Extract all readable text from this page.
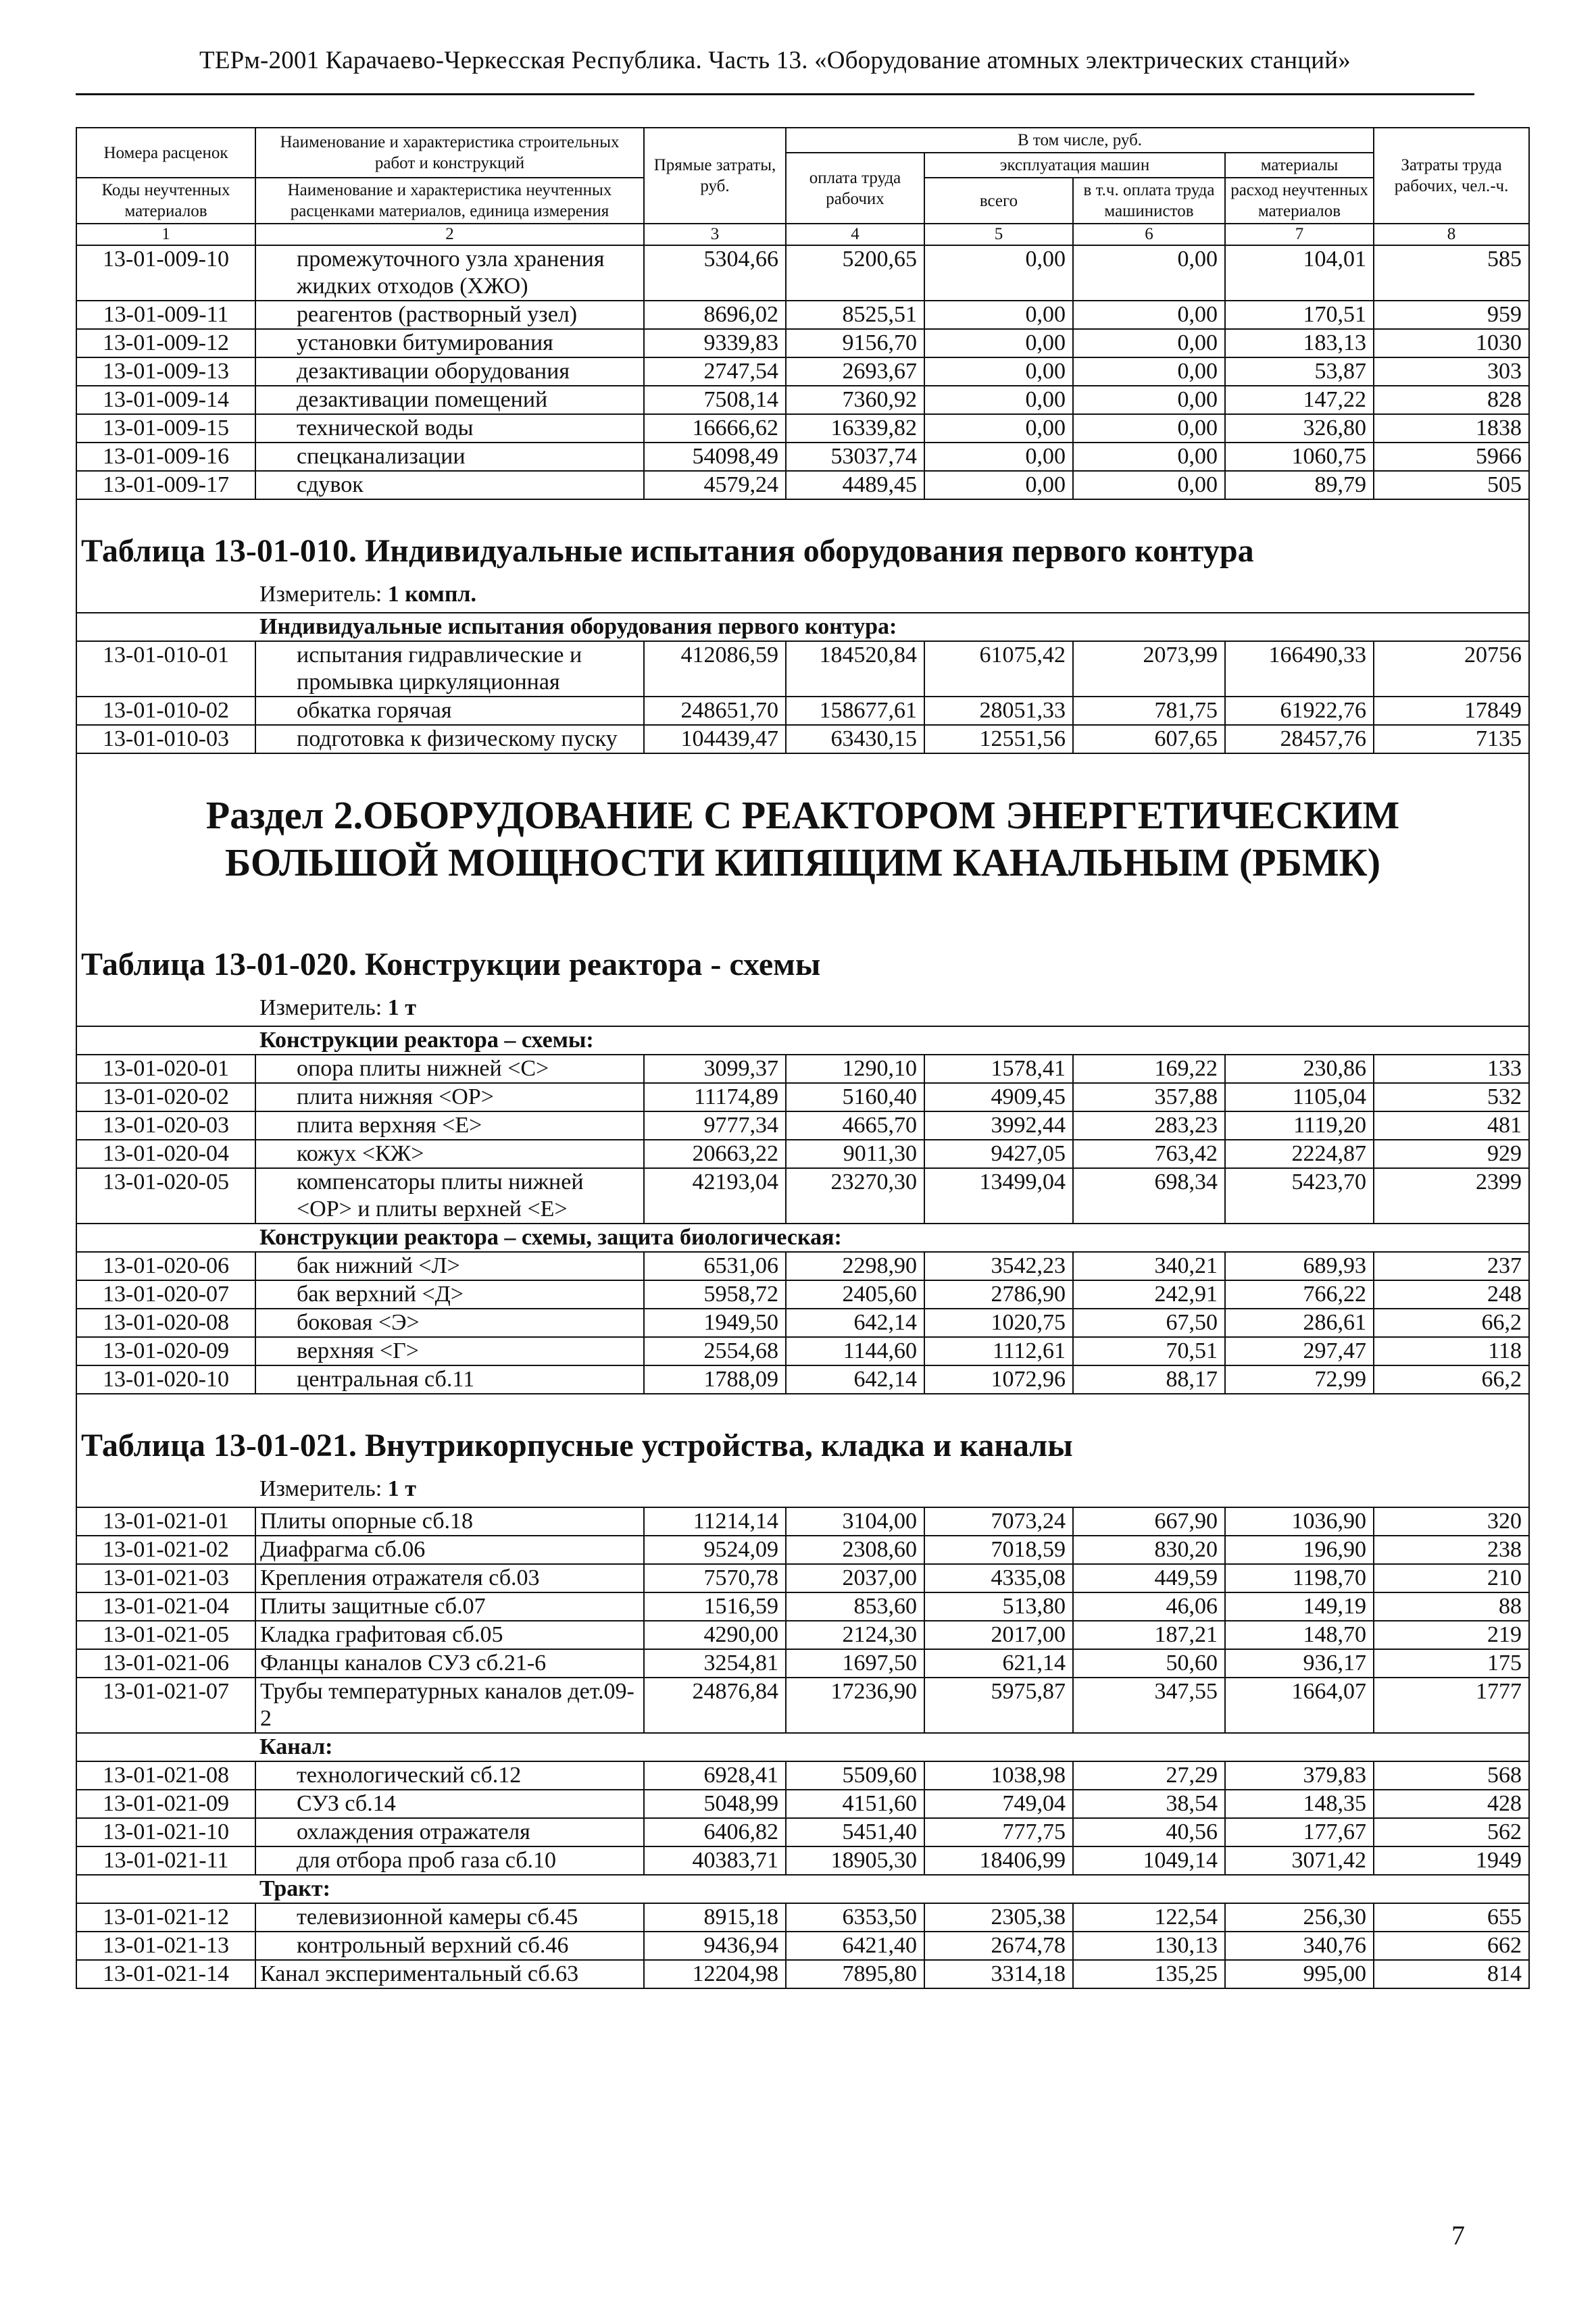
ТЕРм-2001 Карачаево-Черкесская Республика. Часть 13. «Оборудование атомных электрических станций»
Номера расценок	Наименование и характеристика строительных работ и конструкций	Прямые затраты, руб.	В том числе, руб.				Затраты труда рабочих, чел.-ч.
			оплата труда рабочих	эксплуатация машин		материалы	
Коды неучтенных материалов	Наименование и характеристика неучтенных расценками материалов, единица измерения			всего	в т.ч. оплата труда машинистов	расход неучтенных материалов	

1	2	3	4	5	6	7	8
13-01-009-10	промежуточного узла хранения жидких отходов (ХЖО)	5304,66	5200,65	0,00	0,00	104,01	585
13-01-009-11	реагентов (растворный узел)	8696,02	8525,51	0,00	0,00	170,51	959
13-01-009-12	установки битумирования	9339,83	9156,70	0,00	0,00	183,13	1030
13-01-009-13	дезактивации оборудования	2747,54	2693,67	0,00	0,00	53,87	303
13-01-009-14	дезактивации помещений	7508,14	7360,92	0,00	0,00	147,22	828
13-01-009-15	технической воды	16666,62	16339,82	0,00	0,00	326,80	1838
13-01-009-16	спецканализации	54098,49	53037,74	0,00	0,00	1060,75	5966
13-01-009-17	сдувок	4579,24	4489,45	0,00	0,00	89,79	505
Таблица 13-01-010. Индивидуальные испытания оборудования первого контура							
Измеритель: 1 компл.							
Индивидуальные испытания оборудования первого контура:							
13-01-010-01	испытания гидравлические и промывка циркуляционная	412086,59	184520,84	61075,42	2073,99	166490,33	20756
13-01-010-02	обкатка горячая	248651,70	158677,61	28051,33	781,75	61922,76	17849
13-01-010-03	подготовка к физическому пуску	104439,47	63430,15	12551,56	607,65	28457,76	7135
Раздел 2.ОБОРУДОВАНИЕ С РЕАКТОРОМ ЭНЕРГЕТИЧЕСКИМ БОЛЬШОЙ МОЩНОСТИ КИПЯЩИМ КАНАЛЬНЫМ (РБМК)							
Таблица 13-01-020. Конструкции реактора - схемы							
Измеритель: 1 т							
Конструкции реактора – схемы:							
13-01-020-01	опора плиты нижней <С>	3099,37	1290,10	1578,41	169,22	230,86	133
13-01-020-02	плита нижняя <ОР>	11174,89	5160,40	4909,45	357,88	1105,04	532
13-01-020-03	плита верхняя <Е>	9777,34	4665,70	3992,44	283,23	1119,20	481
13-01-020-04	кожух <КЖ>	20663,22	9011,30	9427,05	763,42	2224,87	929
13-01-020-05	компенсаторы плиты нижней <ОР> и плиты верхней <Е>	42193,04	23270,30	13499,04	698,34	5423,70	2399
Конструкции реактора – схемы, защита биологическая:							
13-01-020-06	бак нижний <Л>	6531,06	2298,90	3542,23	340,21	689,93	237
13-01-020-07	бак верхний <Д>	5958,72	2405,60	2786,90	242,91	766,22	248
13-01-020-08	боковая <Э>	1949,50	642,14	1020,75	67,50	286,61	66,2
13-01-020-09	верхняя <Г>	2554,68	1144,60	1112,61	70,51	297,47	118
13-01-020-10	центральная сб.11	1788,09	642,14	1072,96	88,17	72,99	66,2
Таблица 13-01-021. Внутрикорпусные устройства, кладка и каналы							
Измеритель: 1 т							
13-01-021-01	Плиты опорные сб.18	11214,14	3104,00	7073,24	667,90	1036,90	320
13-01-021-02	Диафрагма сб.06	9524,09	2308,60	7018,59	830,20	196,90	238
13-01-021-03	Крепления отражателя сб.03	7570,78	2037,00	4335,08	449,59	1198,70	210
13-01-021-04	Плиты защитные сб.07	1516,59	853,60	513,80	46,06	149,19	88
13-01-021-05	Кладка графитовая сб.05	4290,00	2124,30	2017,00	187,21	148,70	219
13-01-021-06	Фланцы каналов СУЗ сб.21-6	3254,81	1697,50	621,14	50,60	936,17	175
13-01-021-07	Трубы температурных каналов дет.09-2	24876,84	17236,90	5975,87	347,55	1664,07	1777
Канал:							
13-01-021-08	технологический сб.12	6928,41	5509,60	1038,98	27,29	379,83	568
13-01-021-09	СУЗ сб.14	5048,99	4151,60	749,04	38,54	148,35	428
13-01-021-10	охлаждения отражателя	6406,82	5451,40	777,75	40,56	177,67	562
13-01-021-11	для отбора проб газа сб.10	40383,71	18905,30	18406,99	1049,14	3071,42	1949
Тракт:							
13-01-021-12	телевизионной камеры сб.45	8915,18	6353,50	2305,38	122,54	256,30	655
13-01-021-13	контрольный верхний сб.46	9436,94	6421,40	2674,78	130,13	340,76	662
13-01-021-14	Канал экспериментальный сб.63	12204,98	7895,80	3314,18	135,25	995,00	814
7
